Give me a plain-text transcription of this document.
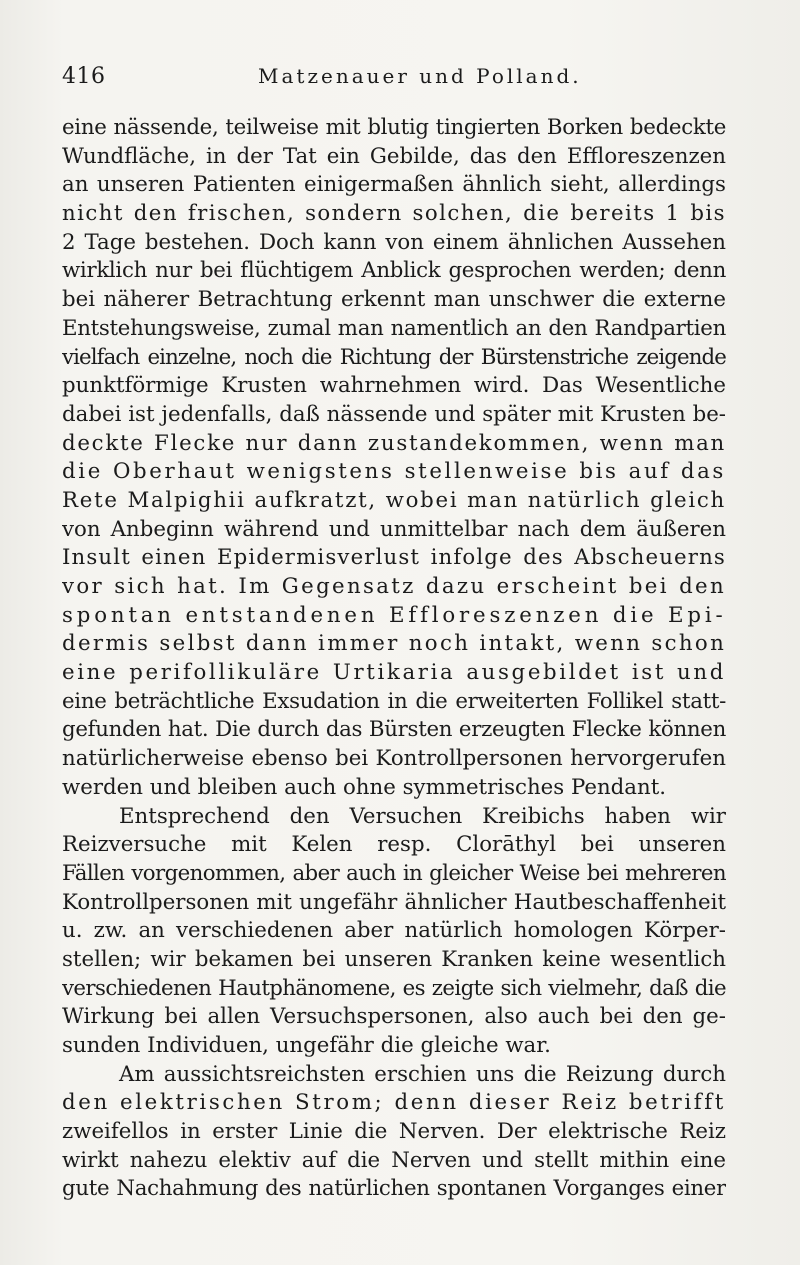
416	Matzenauer und Polland.
eine nässende, teilweise mit blutig tingierten Borken bedeckte
Wundfläche, in der Tat ein Gebilde, das den Effloreszenzen
an unseren Patienten einigermaßen ähnlich sieht, allerdings
nicht den frischen, sondern solchen, die bereits 1 bis
2 Tage bestehen. Doch kann von einem ähnlichen Aussehen
wirklich nur bei flüchtigem Anblick gesprochen werden; denn
bei näherer Betrachtung erkennt man unschwer die externe
Entstehungsweise, zumal man namentlich an den Randpartien
vielfach einzelne, noch die Richtung der Bürstenstriche zeigende
punktförmige Krusten wahrnehmen wird. Das Wesentliche
dabei ist jedenfalls, daß nässende und später mit Krusten be-
deckte Flecke nur dann zustandekommen, wenn man
die Oberhaut wenigstens stellenweise bis auf das
Rete Malpighii aufkratzt, wobei man natürlich gleich
von Anbeginn während und unmittelbar nach dem äußeren
Insult einen Epidermisverlust infolge des Abscheuerns
vor sich hat. Im Gegensatz dazu erscheint bei den
spontan entstandenen Effloreszenzen die Epi-
dermis selbst dann immer noch intakt, wenn schon
eine perifollikuläre Urtikaria ausgebildet ist und
eine beträchtliche Exsudation in die erweiterten Follikel statt-
gefunden hat. Die durch das Bürsten erzeugten Flecke können
natürlicherweise ebenso bei Kontrollpersonen hervorgerufen
werden und bleiben auch ohne symmetrisches Pendant.
Entsprechend den Versuchen Kreibichs haben wir
Reizversuche mit Kelen resp. Clorāthyl bei unseren
Fällen vorgenommen, aber auch in gleicher Weise bei mehreren
Kontrollpersonen mit ungefähr ähnlicher Hautbeschaffenheit
u. zw. an verschiedenen aber natürlich homologen Körper-
stellen; wir bekamen bei unseren Kranken keine wesentlich
verschiedenen Hautphänomene, es zeigte sich vielmehr, daß die
Wirkung bei allen Versuchspersonen, also auch bei den ge-
sunden Individuen, ungefähr die gleiche war.
Am aussichtsreichsten erschien uns die Reizung durch
den elektrischen Strom; denn dieser Reiz betrifft
zweifellos in erster Linie die Nerven. Der elektrische Reiz
wirkt nahezu elektiv auf die Nerven und stellt mithin eine
gute Nachahmung des natürlichen spontanen Vorganges einer
